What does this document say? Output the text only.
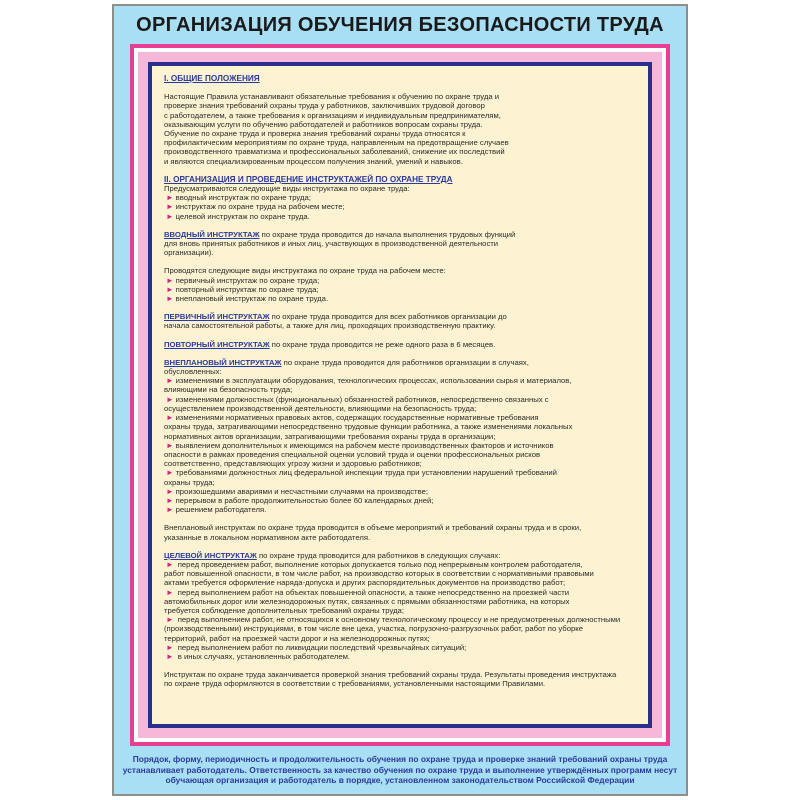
ОРГАНИЗАЦИЯ ОБУЧЕНИЯ БЕЗОПАСНОСТИ ТРУДА

I. ОБЩИЕ ПОЛОЖЕНИЯ

Настоящие Правила устанавливают обязательные требования к обучению по охране труда и

проверке знания требований охраны труда у работников, заключивших трудовой договор

с работодателем, а также требования к организациям и индивидуальным предпринимателям,

оказывающим услуги по обучению работодателей и работников вопросам охраны труда.

Обучение по охране труда и проверка знания требований охраны труда относятся к

профилактическим мероприятиям по охране труда, направленным на предотвращение случаев

производственного травматизма и профессиональных заболеваний, снижение их последствий

и являются специализированным процессом получения знаний, умений и навыков.

II. ОРГАНИЗАЦИЯ И ПРОВЕДЕНИЕ ИНСТРУКТАЖЕЙ ПО ОХРАНЕ ТРУДА

Предусматриваются следующие виды инструктажа по охране труда:

► вводный инструктаж по охране труда;

► инструктаж по охране труда на рабочем месте;

► целевой инструктаж по охране труда.

ВВОДНЫЙ ИНСТРУКТАЖ по охране труда проводится до начала выполнения трудовых функций

для вновь принятых работников и иных лиц, участвующих в производственной деятельности

организации).

Проводятся следующие виды инструктажа по охране труда на рабочем месте:

► первичный инструктаж по охране труда;

► повторный инструктаж по охране труда;

► внеплановый инструктаж по охране труда.

ПЕРВИЧНЫЙ ИНСТРУКТАЖ по охране труда проводится для всех работников организации до

начала самостоятельной работы, а также для лиц, проходящих производственную практику.

ПОВТОРНЫЙ ИНСТРУКТАЖ по охране труда проводится не реже одного раза в 6 месяцев.

ВНЕПЛАНОВЫЙ ИНСТРУКТАЖ по охране труда проводится для работников организации в случаях,

обусловленных:

► изменениями в эксплуатации оборудования, технологических процессах, использовании сырья и материалов,

влияющими на безопасность труда;

► изменениями должностных (функциональных) обязанностей работников, непосредственно связанных с

осуществлением производственной деятельности, влияющими на безопасность труда;

► изменениями нормативных правовых актов, содержащих государственные нормативные требования

охраны труда, затрагивающими непосредственно трудовые функции работника, а также изменениями локальных

нормативных актов организации, затрагивающими требования охраны труда в организации;

► выявлением дополнительных к имеющимся на рабочем месте производственных факторов и источников

опасности в рамках проведения специальной оценки условий труда и оценки профессиональных рисков

соответственно, представляющих угрозу жизни и здоровью работников;

► требованиями должностных лиц федеральной инспекции труда при установлении нарушений требований

охраны труда;

► произошедшими авариями и несчастными случаями на производстве;

► перерывом в работе продолжительностью более 60 календарных дней;

► решением работодателя.

Внеплановый инструктаж по охране труда проводится в объеме мероприятий и требований охраны труда и в сроки,

указанные в локальном нормативном акте работодателя.

ЦЕЛЕВОЙ ИНСТРУКТАЖ по охране труда проводится для работников в следующих случаях:

► перед проведением работ, выполнение которых допускается только под непрерывным контролем работодателя,

работ повышенной опасности, в том числе работ, на производство которых в соответствии с нормативными правовыми

актами требуется оформление наряда-допуска и других распорядительных документов на производство работ;

► перед выполнением работ на объектах повышенной опасности, а также непосредственно на проезжей части

автомобильных дорог или железнодорожных путях, связанных с прямыми обязанностями работника, на которых

требуется соблюдение дополнительных требований охраны труда;

► перед выполнением работ, не относящихся к основному технологическому процессу и не предусмотренных должностными

(производственными) инструкциями, в том числе вне цеха, участка, погрузочно-разгрузочных работ, работ по уборке

территорий, работ на проезжей части дорог и на железнодорожных путях;

► перед выполнением работ по ликвидации последствий чрезвычайных ситуаций;

► в иных случаях, установленных работодателем.

Инструктаж по охране труда заканчивается проверкой знания требований охраны труда. Результаты проведения инструктажа

по охране труда оформляются в соответствии с требованиями, установленными настоящими Правилами.

Порядок, форму, периодичность и продолжительность обучения по охране труда и проверке знаний требований охраны труда

устанавливает работодатель. Ответственность за качество обучения по охране труда и выполнение утверждённых программ несут

обучающая организация и работодатель в порядке, установленном законодательством Российской Федерации
